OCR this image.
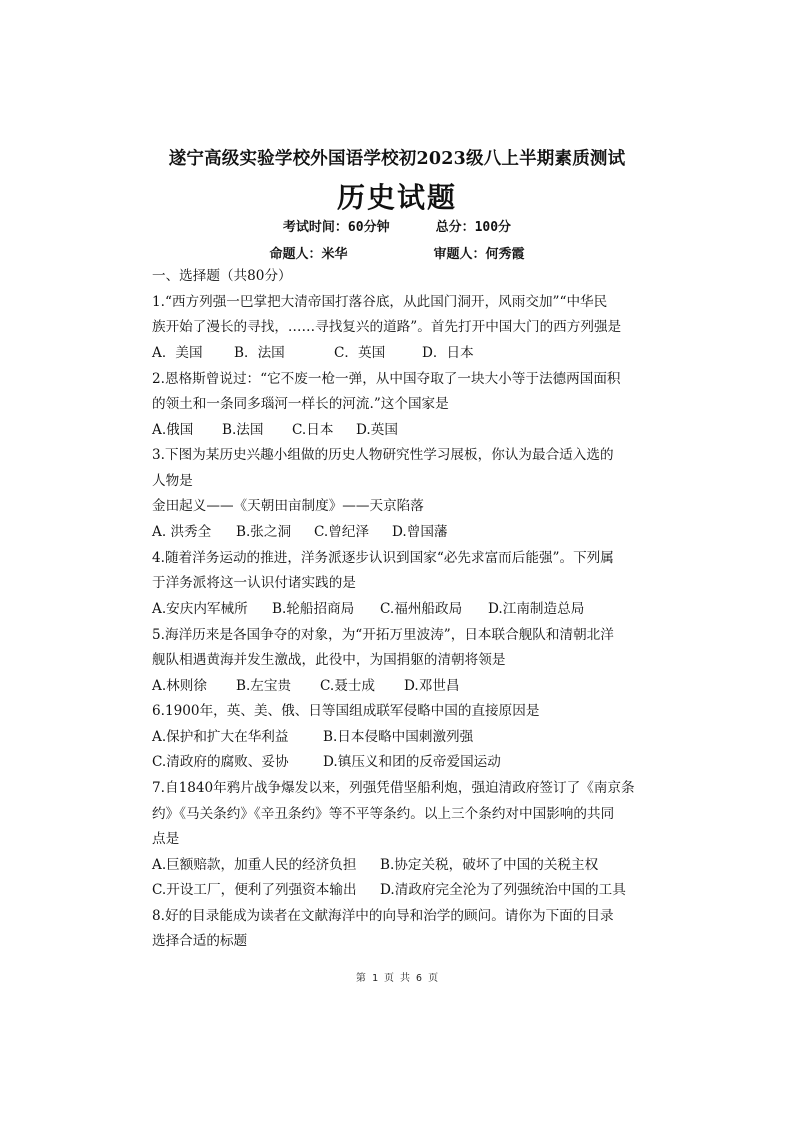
遂宁高级实验学校外国语学校初2023级八上半期素质测试
历史试题
考试时间：60分钟	总分：100分
命题人：米华	审题人：何秀霞
一、选择题（共80分）
1.“西方列强一巴掌把大清帝国打落谷底，从此国门洞开，风雨交加”“中华民
族开始了漫长的寻找，……寻找复兴的道路”。首先打开中国大门的西方列强是
A．美国 B．法国	C．英国	D．日本
2.恩格斯曾说过：“它不废一枪一弹，从中国夺取了一块大小等于法德两国面积
的领土和一条同多瑙河一样长的河流.”这个国家是
A.俄国 B.法国 C.日本 D.英国
3.下图为某历史兴趣小组做的历史人物研究性学习展板，你认为最合适入选的
人物是
金田起义——《天朝田亩制度》——天京陷落
A. 洪秀全 B.张之洞 C.曾纪泽 D.曾国藩
4.随着洋务运动的推进，洋务派逐步认识到国家“必先求富而后能强”。下列属
于洋务派将这一认识付诸实践的是
A.安庆内军械所 B.轮船招商局 C.福州船政局 D.江南制造总局
5.海洋历来是各国争夺的对象，为“开拓万里波涛”，日本联合舰队和清朝北洋
舰队相遇黄海并发生激战，此役中，为国捐躯的清朝将领是
A.林则徐 B.左宝贵 C.聂士成 D.邓世昌
6.1900年，英、美、俄、日等国组成联军侵略中国的直接原因是
A.保护和扩大在华利益	B.日本侵略中国刺激列强
C.清政府的腐败、妥协	D.镇压义和团的反帝爱国运动
7.自1840年鸦片战争爆发以来，列强凭借坚船利炮，强迫清政府签订了《南京条
约》《马关条约》《辛丑条约》等不平等条约。以上三个条约对中国影响的共同
点是
A.巨额赔款，加重人民的经济负担 B.协定关税，破坏了中国的关税主权
C.开设工厂，便利了列强资本输出 D.清政府完全沦为了列强统治中国的工具
8.好的目录能成为读者在文献海洋中的向导和治学的顾问。请你为下面的目录
选择合适的标题
第 1 页 共 6 页
